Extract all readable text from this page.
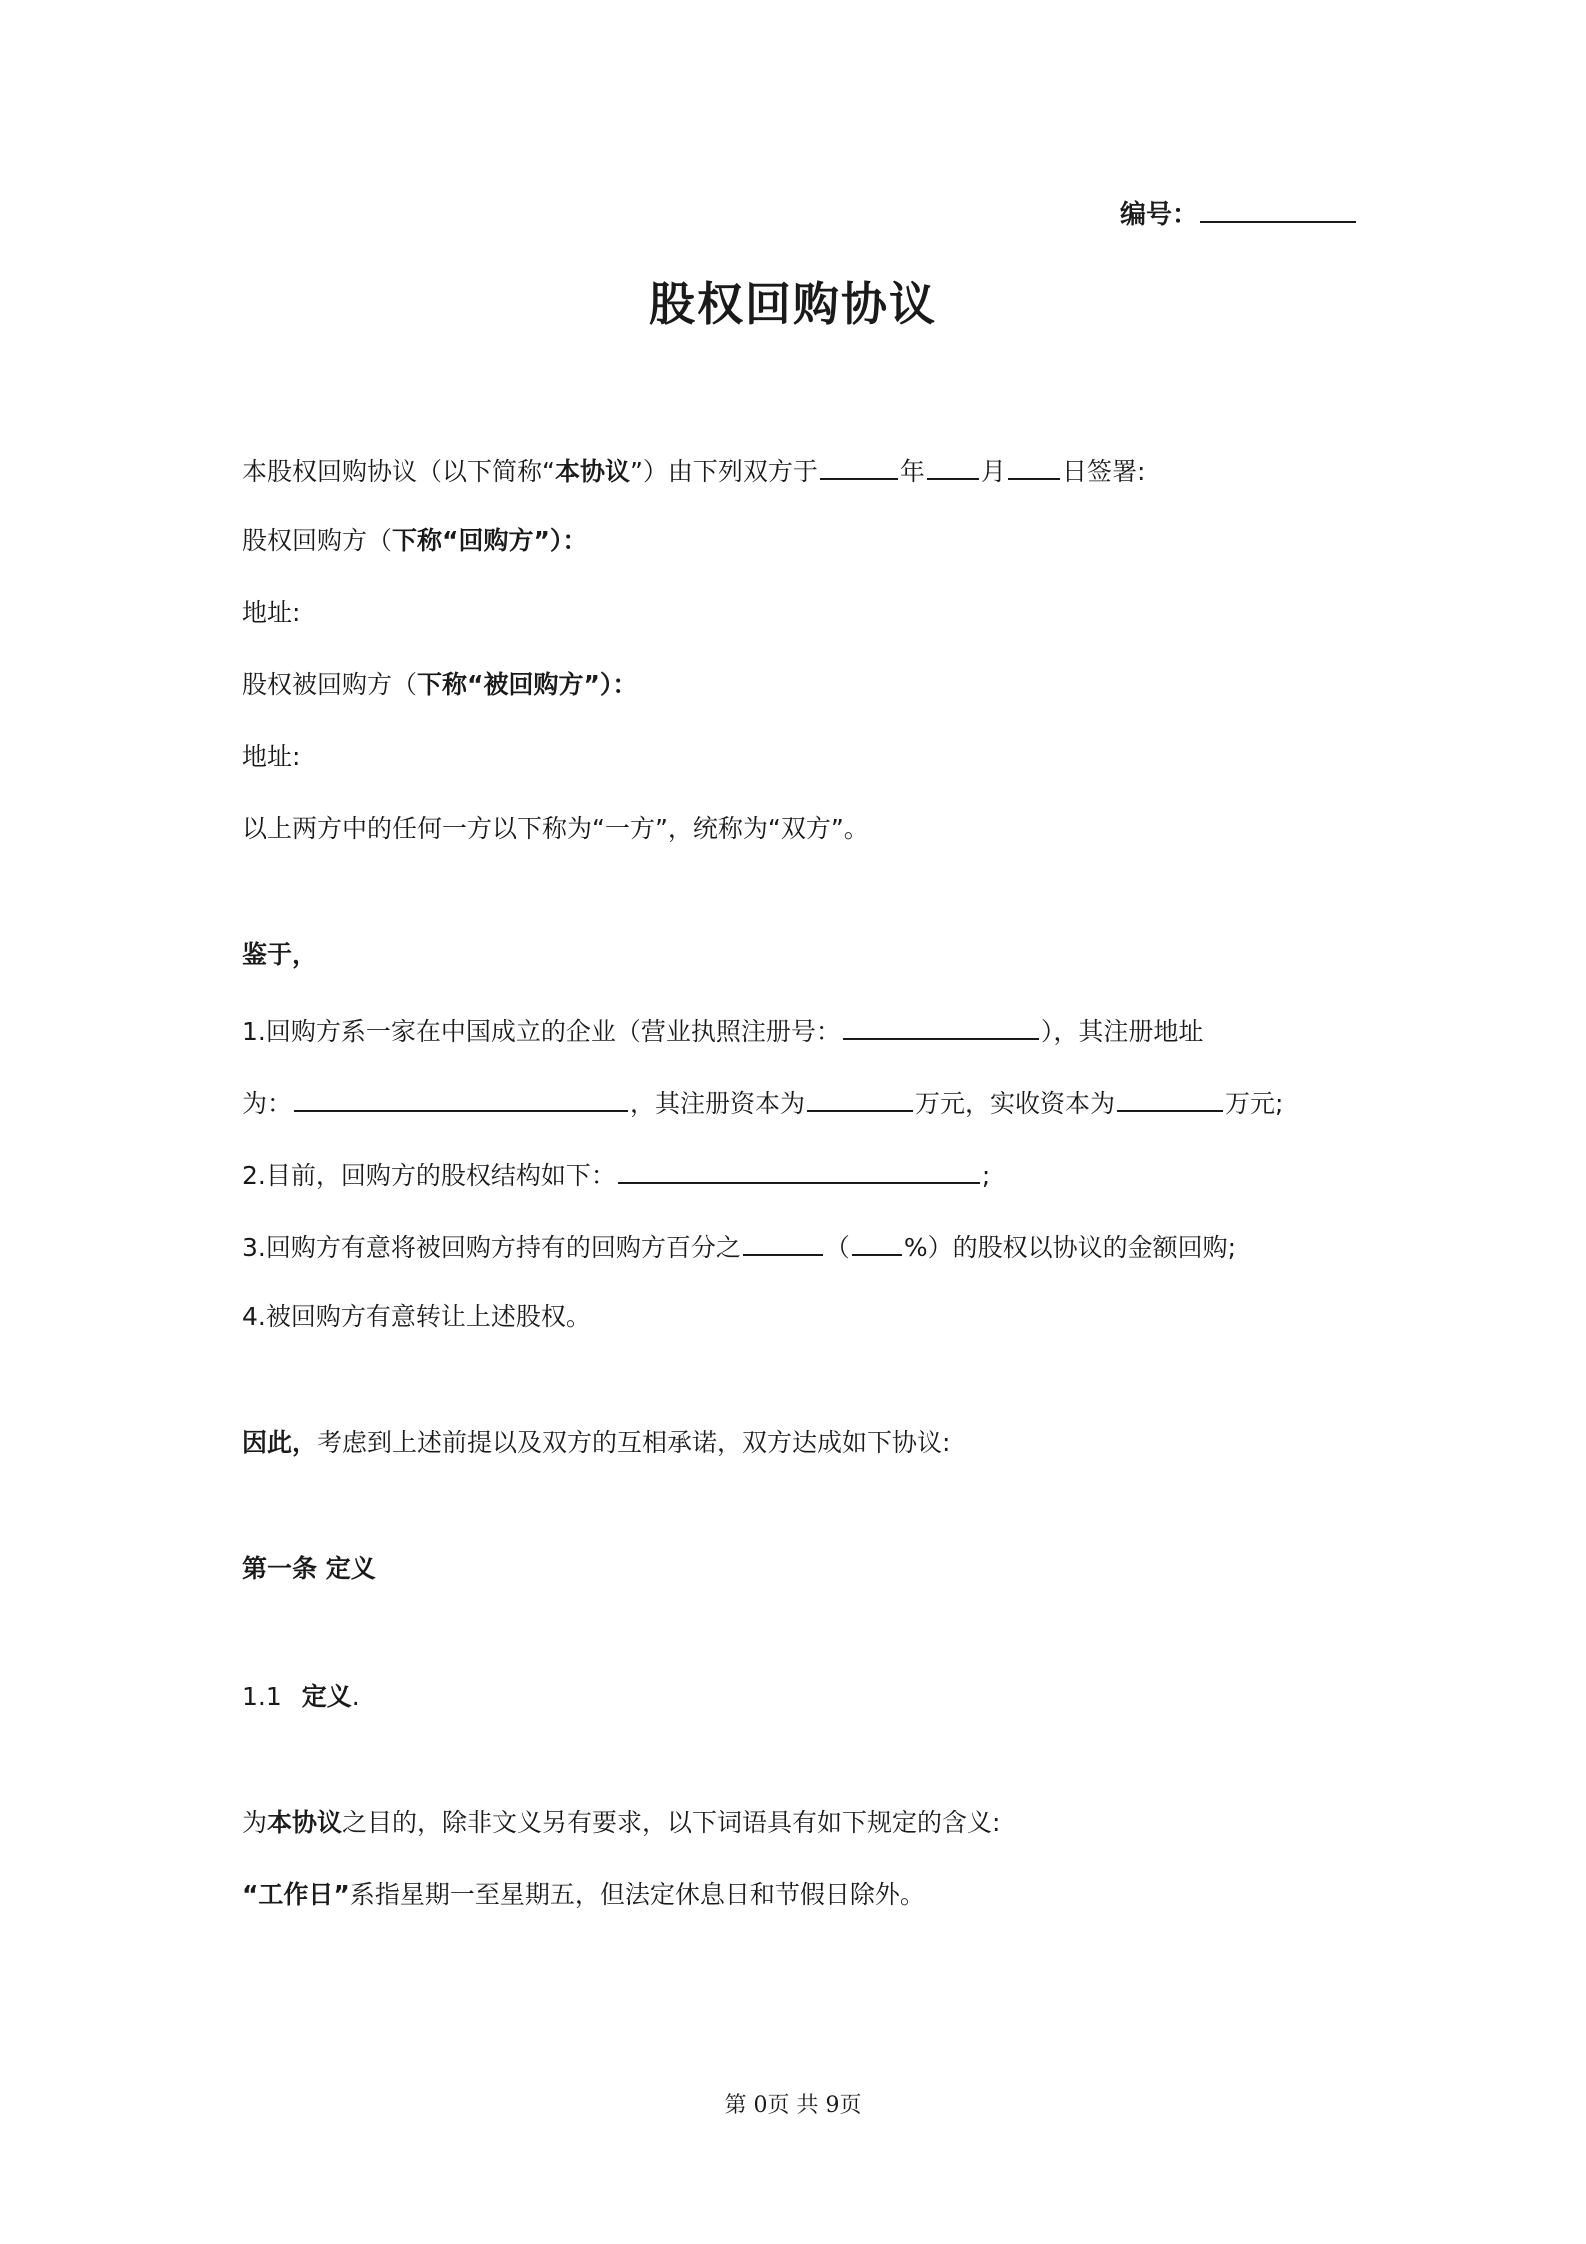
编号：
股权回购协议
本股权回购协议（以下简称“本协议”）由下列双方于	年 月 日签署:
股权回购方（下称“回购方”）：
地址:
股权被回购方（下称“被回购方”）：
地址:
以上两方中的任何一方以下称为“一方”，统称为“双方”。
鉴于，
1.回购方系一家在中国成立的企业（营业执照注册号：	），其注册地址
为：	，其注册资本为	万元，实收资本为	万元;
2.目前，回购方的股权结构如下：	;
3.回购方有意将被回购方持有的回购方百分之	（ %）的股权以协议的金额回购;
4.被回购方有意转让上述股权。
因此，考虑到上述前提以及双方的互相承诺，双方达成如下协议:
第一条 定义
1.1 定义.
为本协议之目的，除非文义另有要求，以下词语具有如下规定的含义:
“工作日”系指星期一至星期五，但法定休息日和节假日除外。
第 0页 共 9页
